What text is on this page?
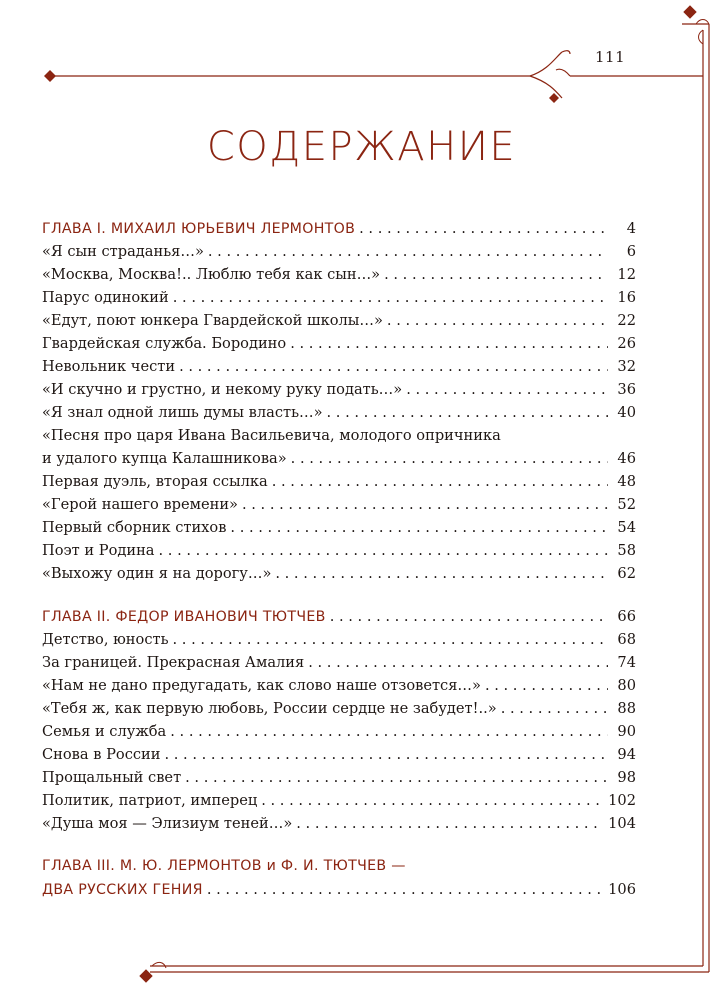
111
СОДЕРЖАНИЕ
ГЛАВА I. МИХАИЛ ЮРЬЕВИЧ ЛЕРМОНТОВ . . .	4
«Я сын страданья…» . . .	6
«Москва, Москва!.. Люблю тебя как сын…» . . .	12
Парус одинокий . . .	16
«Едут, поют юнкера Гвардейской школы…» . . .	22
Гвардейская служба. Бородино . . .	26
Невольник чести . . .	32
«И скучно и грустно, и некому руку подать…» . . .	36
«Я знал одной лишь думы власть…» . . .	40
«Песня про царя Ивана Васильевича, молодого опричника
и удалого купца Калашникова» . . .	46
Первая дуэль, вторая ссылка . . .	48
«Герой нашего времени» . . .	52
Первый сборник стихов . . .	54
Поэт и Родина . . .	58
«Выхожу один я на дорогу…» . . .	62
ГЛАВА II. ФЕДОР ИВАНОВИЧ ТЮТЧЕВ . . .	66
Детство, юность . . .	68
За границей. Прекрасная Амалия . . .	74
«Нам не дано предугадать, как слово наше отзовется…» . . .	80
«Тебя ж, как первую любовь, России сердце не забудет!..» . . .	88
Семья и служба . . .	90
Снова в России . . .	94
Прощальный свет . . .	98
Политик, патриот, имперец . . .	102
«Душа моя — Элизиум теней…» . . .	104
ГЛАВА III. М. Ю. ЛЕРМОНТОВ и Ф. И. ТЮТЧЕВ —
ДВА РУССКИХ ГЕНИЯ . . .	106
